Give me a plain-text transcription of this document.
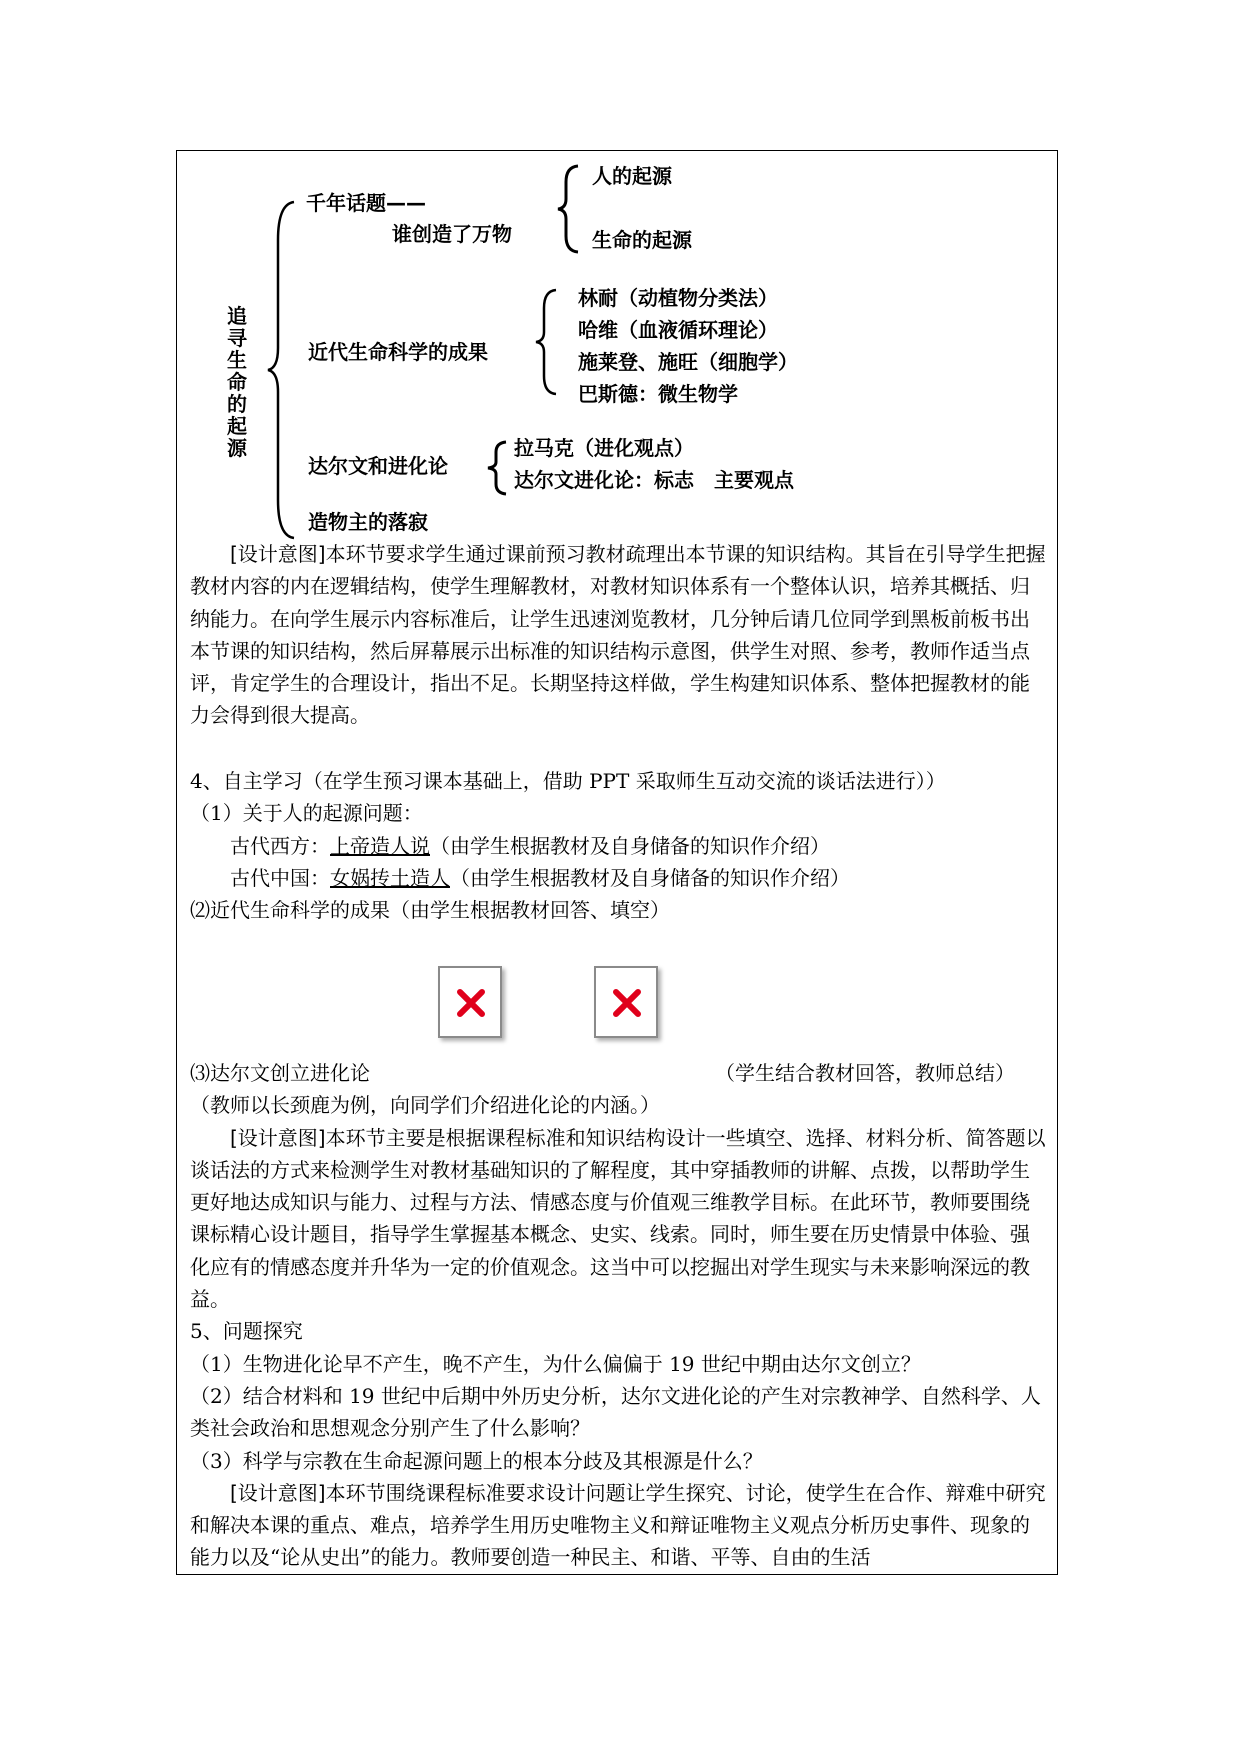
追寻生命的起源
千年话题——
谁创造了万物
人的起源
生命的起源
近代生命科学的成果
林耐（动植物分类法）
哈维（血液循环理论）
施莱登、施旺（细胞学）
巴斯德：微生物学
达尔文和进化论
拉马克（进化观点）
达尔文进化论：标志　主要观点
造物主的落寂

[设计意图]本环节要求学生通过课前预习教材疏理出本节课的知识结构。其旨在引导学生把握教材内容的内在逻辑结构，使学生理解教材，对教材知识体系有一个整体认识，培养其概括、归纳能力。在向学生展示内容标准后，让学生迅速浏览教材，几分钟后请几位同学到黑板前板书出本节课的知识结构，然后屏幕展示出标准的知识结构示意图，供学生对照、参考，教师作适当点评，肯定学生的合理设计，指出不足。长期坚持这样做，学生构建知识体系、整体把握教材的能力会得到很大提高。

4、自主学习（在学生预习课本基础上，借助 PPT 采取师生互动交流的谈话法进行））

（1）关于人的起源问题：

古代西方：上帝造人说（由学生根据教材及自身储备的知识作介绍）

古代中国：女娲抟土造人（由学生根据教材及自身储备的知识作介绍）

⑵近代生命科学的成果（由学生根据教材回答、填空）

⑶达尔文创立进化论	（学生结合教材回答，教师总结）

（教师以长颈鹿为例，向同学们介绍进化论的内涵。）

[设计意图]本环节主要是根据课程标准和知识结构设计一些填空、选择、材料分析、简答题以谈话法的方式来检测学生对教材基础知识的了解程度，其中穿插教师的讲解、点拨，以帮助学生更好地达成知识与能力、过程与方法、情感态度与价值观三维教学目标。在此环节，教师要围绕课标精心设计题目，指导学生掌握基本概念、史实、线索。同时，师生要在历史情景中体验、强化应有的情感态度并升华为一定的价值观念。这当中可以挖掘出对学生现实与未来影响深远的教益。

5、问题探究

（1）生物进化论早不产生，晚不产生，为什么偏偏于 19 世纪中期由达尔文创立？

（2）结合材料和 19 世纪中后期中外历史分析，达尔文进化论的产生对宗教神学、自然科学、人类社会政治和思想观念分别产生了什么影响？

（3）科学与宗教在生命起源问题上的根本分歧及其根源是什么？

[设计意图]本环节围绕课程标准要求设计问题让学生探究、讨论，使学生在合作、辩难中研究和解决本课的重点、难点，培养学生用历史唯物主义和辩证唯物主义观点分析历史事件、现象的能力以及“论从史出”的能力。教师要创造一种民主、和谐、平等、自由的生活
